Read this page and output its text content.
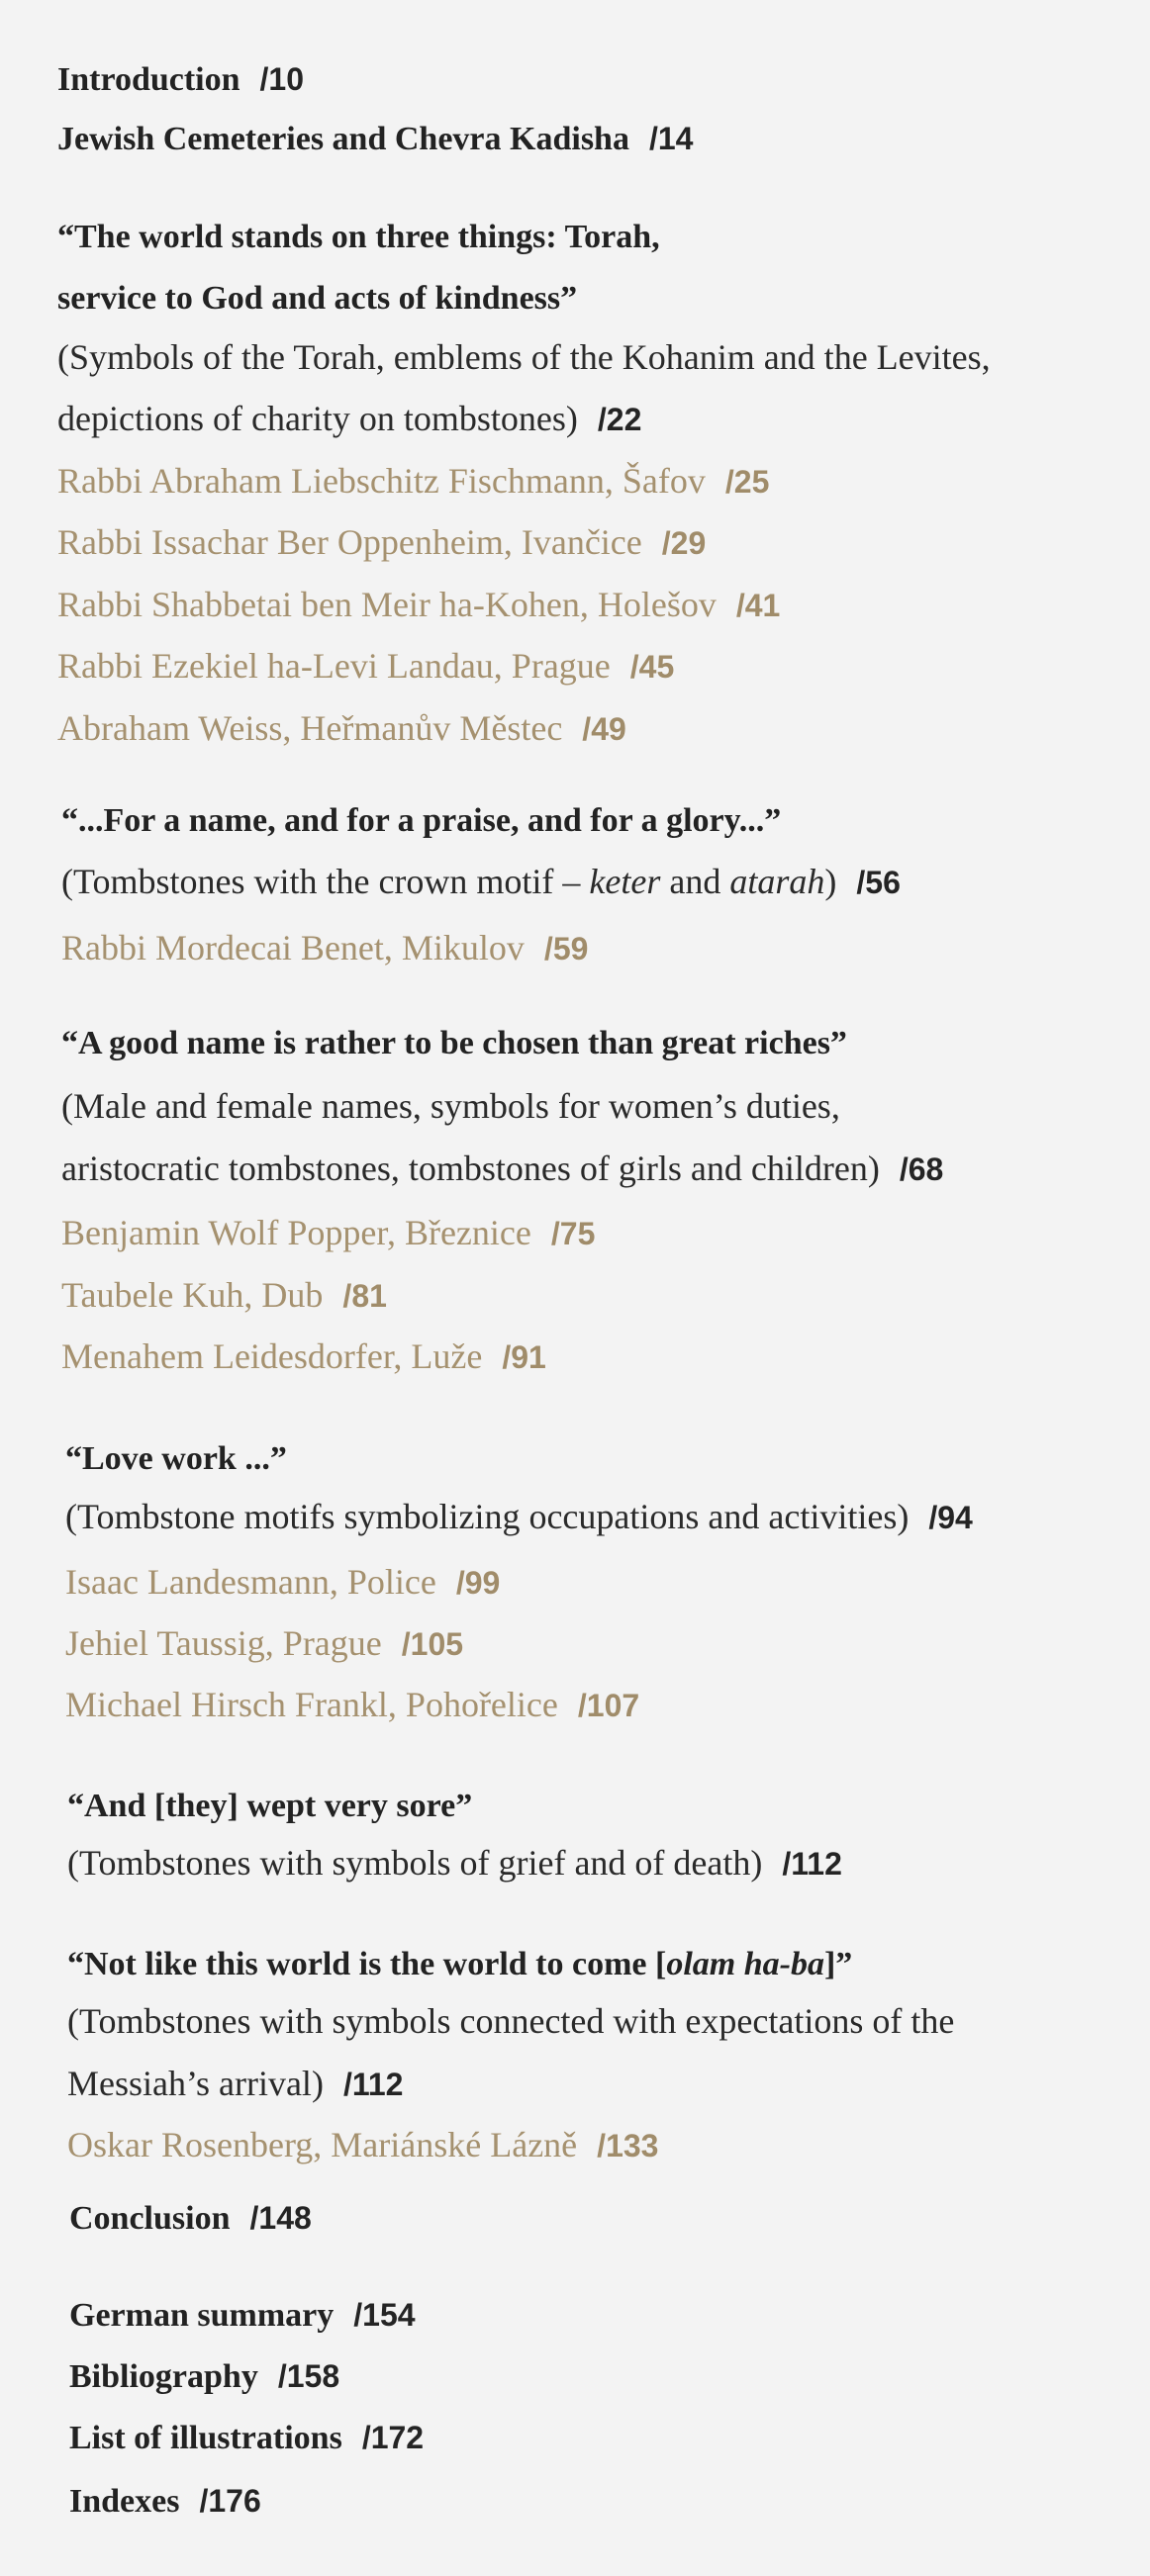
Introduction /10
Jewish Cemeteries and Chevra Kadisha /14
“The world stands on three things: Torah,
service to God and acts of kindness”
(Symbols of the Torah, emblems of the Kohanim and the Levites,
depictions of charity on tombstones) /22
Rabbi Abraham Liebschitz Fischmann, Šafov /25
Rabbi Issachar Ber Oppenheim, Ivančice /29
Rabbi Shabbetai ben Meir ha-Kohen, Holešov /41
Rabbi Ezekiel ha-Levi Landau, Prague /45
Abraham Weiss, Heřmanův Městec /49
“...For a name, and for a praise, and for a glory...”
(Tombstones with the crown motif – keter and atarah) /56
Rabbi Mordecai Benet, Mikulov /59
“A good name is rather to be chosen than great riches”
(Male and female names, symbols for women’s duties,
aristocratic tombstones, tombstones of girls and children) /68
Benjamin Wolf Popper, Březnice /75
Taubele Kuh, Dub /81
Menahem Leidesdorfer, Luže /91
“Love work ...”
(Tombstone motifs symbolizing occupations and activities) /94
Isaac Landesmann, Police /99
Jehiel Taussig, Prague /105
Michael Hirsch Frankl, Pohořelice /107
“And [they] wept very sore”
(Tombstones with symbols of grief and of death) /112
“Not like this world is the world to come [olam ha-ba]”
(Tombstones with symbols connected with expectations of the
Messiah’s arrival) /112
Oskar Rosenberg, Mariánské Lázně /133
Conclusion /148
German summary /154
Bibliography /158
List of illustrations /172
Indexes /176
